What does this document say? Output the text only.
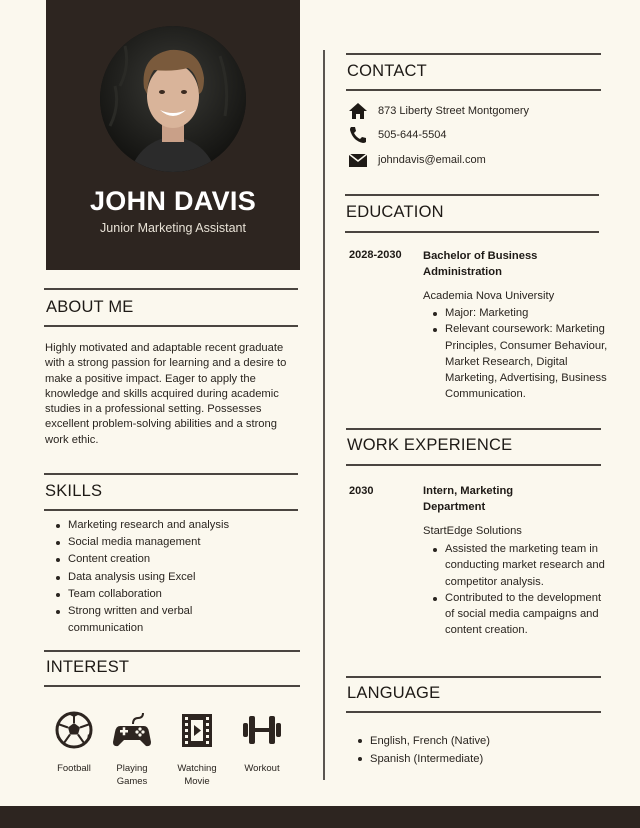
JOHN DAVIS
Junior Marketing Assistant
ABOUT ME
Highly motivated and adaptable recent graduate with a strong passion for learning and a desire to make a positive impact. Eager to apply the knowledge and skills acquired during academic studies in a professional setting. Possesses excellent problem-solving abilities and a strong work ethic.
SKILLS
Marketing research and analysis
Social media management
Content creation
Data analysis using Excel
Team collaboration
Strong written and verbal communication
INTEREST
Football	Playing Games
Watching Movie
Workout
CONTACT
873 Liberty Street Montgomery
505-644-5504
johndavis@email.com
EDUCATION
2028-2030 Bachelor of Business Administration
Academia Nova University
Major: Marketing
Relevant coursework: Marketing Principles, Consumer Behaviour, Market Research, Digital Marketing, Advertising, Business Communication.
WORK EXPERIENCE
2030	Intern, Marketing Department
StartEdge Solutions
Assisted the marketing team in conducting market research and competitor analysis.
Contributed to the development of social media campaigns and content creation.
LANGUAGE
English, French (Native)
Spanish (Intermediate)
